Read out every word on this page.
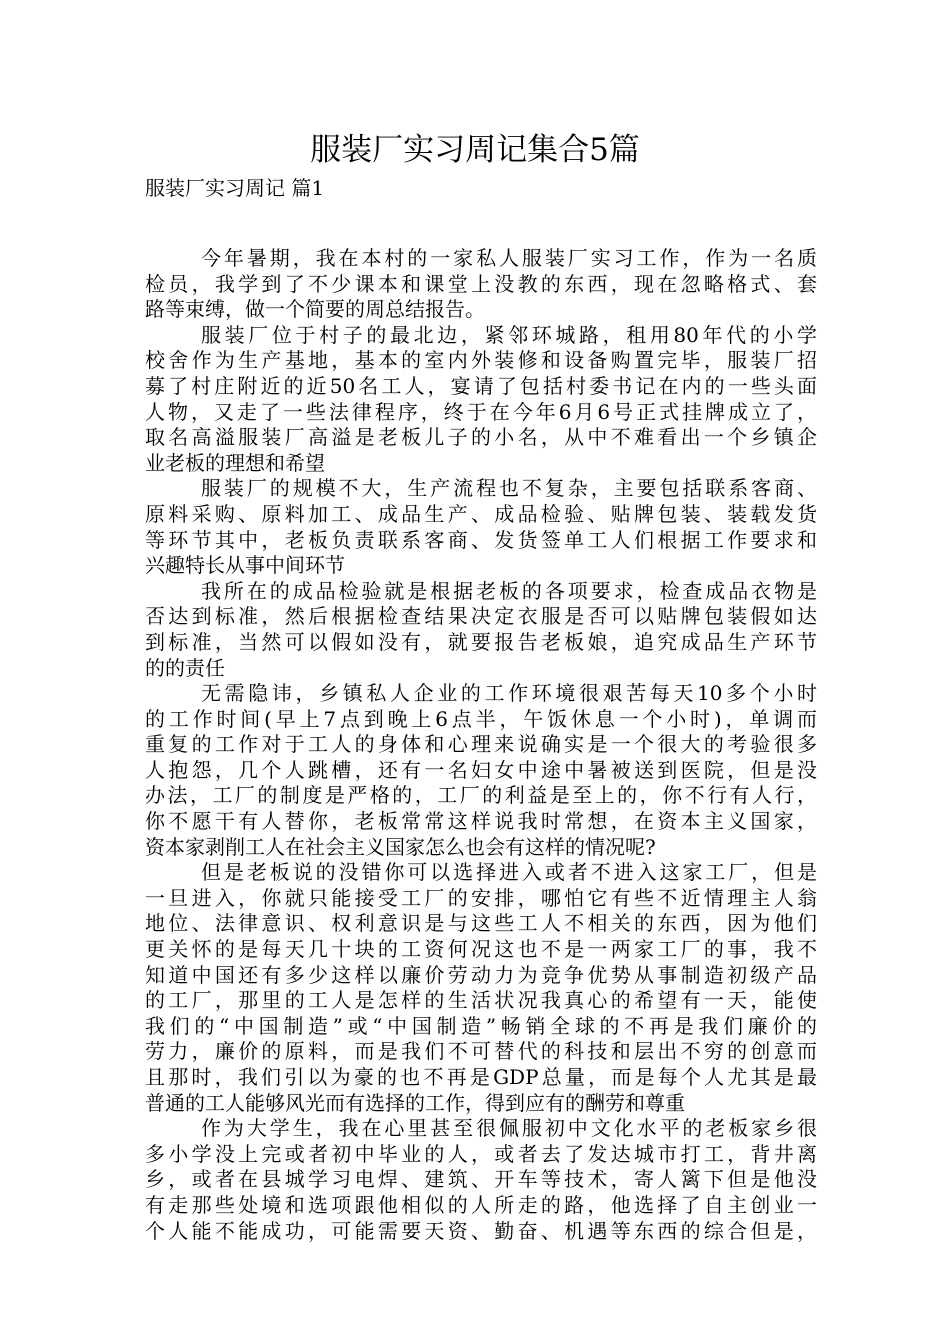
服装厂实习周记集合5篇
服装厂实习周记 篇1
今年暑期，我在本村的一家私人服装厂实习工作，作为一名质
检员，我学到了不少课本和课堂上没教的东西，现在忽略格式、套
路等束缚，做一个简要的周总结报告。
服装厂位于村子的最北边，紧邻环城路，租用80年代的小学
校舍作为生产基地，基本的室内外装修和设备购置完毕，服装厂招
募了村庄附近的近50名工人，宴请了包括村委书记在内的一些头面
人物，又走了一些法律程序，终于在今年6月6号正式挂牌成立了，
取名高溢服装厂高溢是老板儿子的小名，从中不难看出一个乡镇企
业老板的理想和希望
服装厂的规模不大，生产流程也不复杂，主要包括联系客商、
原料采购、原料加工、成品生产、成品检验、贴牌包装、装载发货
等环节其中，老板负责联系客商、发货签单工人们根据工作要求和
兴趣特长从事中间环节
我所在的成品检验就是根据老板的各项要求，检查成品衣物是
否达到标准，然后根据检查结果决定衣服是否可以贴牌包装假如达
到标准，当然可以假如没有，就要报告老板娘，追究成品生产环节
的的责任
无需隐讳，乡镇私人企业的工作环境很艰苦每天10多个小时
的工作时间(早上7点到晚上6点半，午饭休息一个小时)，单调而
重复的工作对于工人的身体和心理来说确实是一个很大的考验很多
人抱怨，几个人跳槽，还有一名妇女中途中暑被送到医院，但是没
办法，工厂的制度是严格的，工厂的利益是至上的，你不行有人行，
你不愿干有人替你，老板常常这样说我时常想，在资本主义国家，
资本家剥削工人在社会主义国家怎么也会有这样的情况呢?
但是老板说的没错你可以选择进入或者不进入这家工厂，但是
一旦进入，你就只能接受工厂的安排，哪怕它有些不近情理主人翁
地位、法律意识、权利意识是与这些工人不相关的东西，因为他们
更关怀的是每天几十块的工资何况这也不是一两家工厂的事，我不
知道中国还有多少这样以廉价劳动力为竞争优势从事制造初级产品
的工厂，那里的工人是怎样的生活状况我真心的希望有一天，能使
我们的“中国制造”或“中国制造”畅销全球的不再是我们廉价的
劳力，廉价的原料，而是我们不可替代的科技和层出不穷的创意而
且那时，我们引以为豪的也不再是GDP总量，而是每个人尤其是最
普通的工人能够风光而有选择的工作，得到应有的酬劳和尊重
作为大学生，我在心里甚至很佩服初中文化水平的老板家乡很
多小学没上完或者初中毕业的人，或者去了发达城市打工，背井离
乡，或者在县城学习电焊、建筑、开车等技术，寄人篱下但是他没
有走那些处境和选项跟他相似的人所走的路，他选择了自主创业一
个人能不能成功，可能需要天资、勤奋、机遇等东西的综合但是，
